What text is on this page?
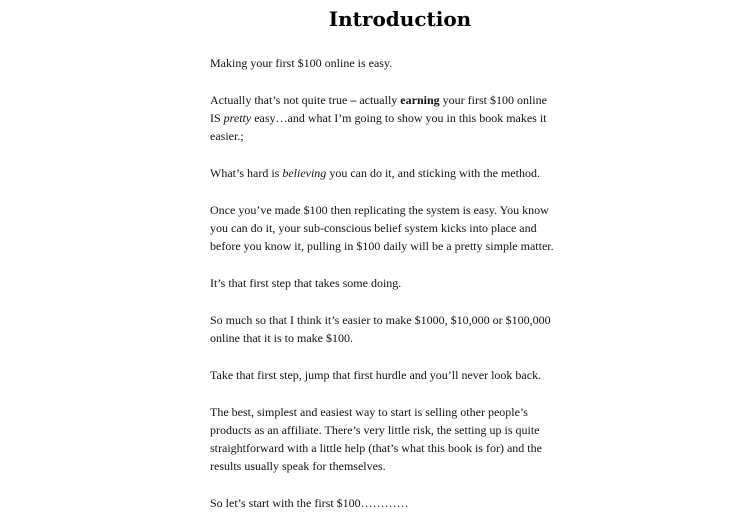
Introduction

Making your first $100 online is easy.

Actually that’s not quite true – actually earning your first $100 online IS pretty easy…and what I’m going to show you in this book makes it easier.;

What’s hard is believing you can do it, and sticking with the method.

Once you’ve made $100 then replicating the system is easy. You know you can do it, your sub-conscious belief system kicks into place and before you know it, pulling in $100 daily will be a pretty simple matter.

It’s that first step that takes some doing.

So much so that I think it’s easier to make $1000, $10,000 or $100,000 online that it is to make $100.

Take that first step, jump that first hurdle and you’ll never look back.

The best, simplest and easiest way to start is selling other people’s products as an affiliate. There’s very little risk, the setting up is quite straightforward with a little help (that’s what this book is for) and the results usually speak for themselves.

So let’s start with the first $100…………
